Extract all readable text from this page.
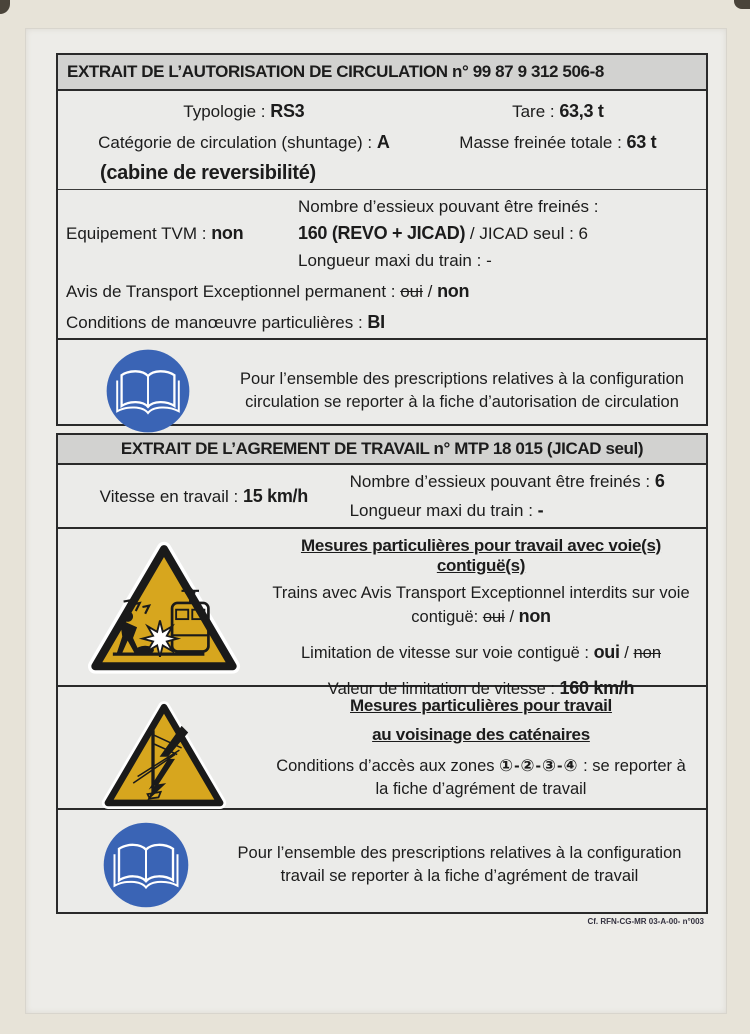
EXTRAIT DE L’AUTORISATION DE CIRCULATION n° 99 87 9 312 506-8
Typologie : RS3	Tare : 63,3 t
Catégorie de circulation (shuntage) : A	Masse freinée totale : 63 t
(cabine de reversibilité)
Equipement TVM : non
Nombre d’essieux pouvant être freinés :
160 (REVO + JICAD) / JICAD seul : 6
Longueur maxi du train : -
Avis de Transport Exceptionnel permanent : oui / non
Conditions de manœuvre particulières : BI
Pour l’ensemble des prescriptions relatives à la configuration circulation se reporter à la fiche d’autorisation de circulation
EXTRAIT DE L’AGREMENT DE TRAVAIL n° MTP 18 015 (JICAD seul)
Vitesse en travail : 15 km/h
Nombre d’essieux pouvant être freinés : 6
Longueur maxi du train : -
Mesures particulières pour travail avec voie(s) contiguë(s)
Trains avec Avis Transport Exceptionnel interdits sur voie
contiguë: oui / non
Limitation de vitesse sur voie contiguë : oui / non
Valeur de limitation de vitesse : 160 km/h
Mesures particulières pour travail
au voisinage des caténaires
Conditions d’accès aux zones ①-②-③-④ : se reporter à la fiche d’agrément de travail
Pour l’ensemble des prescriptions relatives à la configuration travail se reporter à la fiche d’agrément de travail
Cf. RFN-CG-MR 03-A-00- n°003
